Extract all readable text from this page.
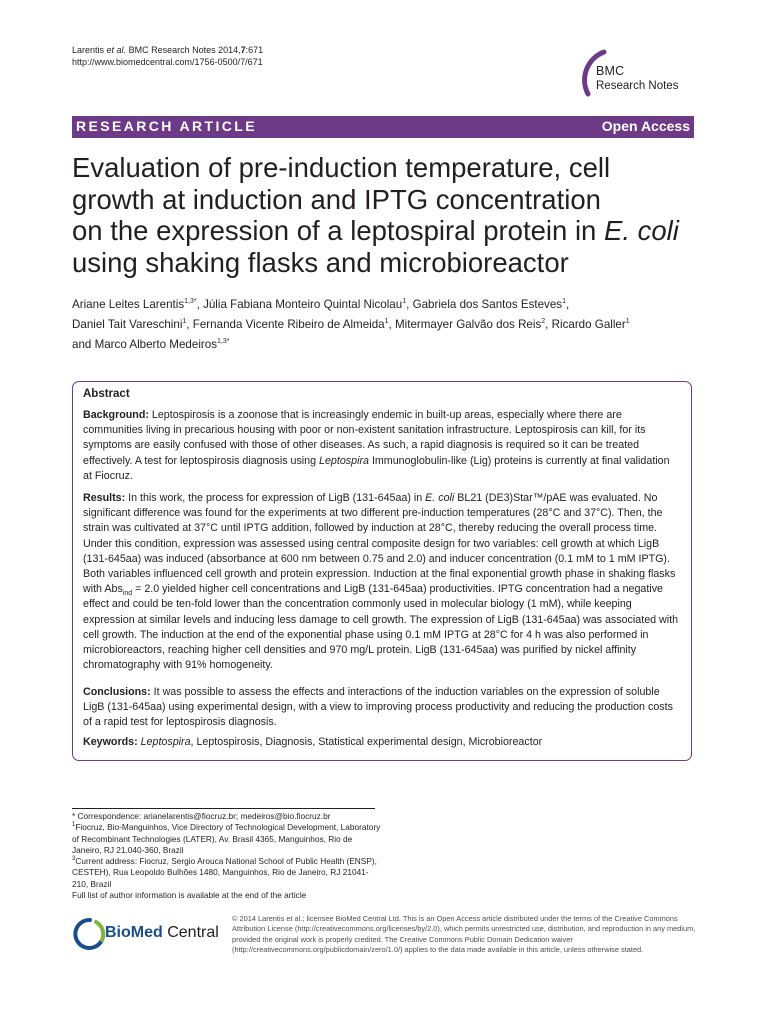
Larentis et al. BMC Research Notes 2014,7:671
http://www.biomedcentral.com/1756-0500/7/671
BMC
Research Notes
RESEARCH ARTICLE	Open Access
Evaluation of pre-induction temperature, cell
growth at induction and IPTG concentration
on the expression of a leptospiral protein in E. coli
using shaking flasks and microbioreactor
Ariane Leites Larentis$^{1,3*}$, Júlia Fabiana Monteiro Quintal Nicolau$^1$, Gabriela dos Santos Esteves$^1$,
Daniel Tait Vareschini$^1$, Fernanda Vicente Ribeiro de Almeida$^1$, Mitermayer Galvão dos Reis$^2$, Ricardo Galler$^1$
and Marco Alberto Medeiros$^{1,3*}$
Abstract
Background: Leptospirosis is a zoonose that is increasingly endemic in built-up areas, especially where there are communities living in precarious housing with poor or non-existent sanitation infrastructure. Leptospirosis can kill, for its symptoms are easily confused with those of other diseases. As such, a rapid diagnosis is required so it can be treated effectively. A test for leptospirosis diagnosis using Leptospira Immunoglobulin-like (Lig) proteins is currently at final validation at Fiocruz.
Results: In this work, the process for expression of LigB (131-645aa) in E. coli BL21 (DE3)Star™/pAE was evaluated. No significant difference was found for the experiments at two different pre-induction temperatures (28°C and 37°C). Then, the strain was cultivated at 37°C until IPTG addition, followed by induction at 28°C, thereby reducing the overall process time. Under this condition, expression was assessed using central composite design for two variables: cell growth at which LigB (131-645aa) was induced (absorbance at 600 nm between 0.75 and 2.0) and inducer concentration (0.1 mM to 1 mM IPTG). Both variables influenced cell growth and protein expression. Induction at the final exponential growth phase in shaking flasks with Abs$_{ind}$ = 2.0 yielded higher cell concentrations and LigB (131-645aa) productivities. IPTG concentration had a negative effect and could be ten-fold lower than the concentration commonly used in molecular biology (1 mM), while keeping expression at similar levels and inducing less damage to cell growth. The expression of LigB (131-645aa) was associated with cell growth. The induction at the end of the exponential phase using 0.1 mM IPTG at 28°C for 4 h was also performed in microbioreactors, reaching higher cell densities and 970 mg/L protein. LigB (131-645aa) was purified by nickel affinity chromatography with 91% homogeneity.
Conclusions: It was possible to assess the effects and interactions of the induction variables on the expression of soluble LigB (131-645aa) using experimental design, with a view to improving process productivity and reducing the production costs of a rapid test for leptospirosis diagnosis.
Keywords: Leptospira, Leptospirosis, Diagnosis, Statistical experimental design, Microbioreactor

* Correspondence: arianelarentis@fiocruz.br; medeiros@bio.fiocruz.br

$^1$Fiocruz, Bio-Manguinhos, Vice Directory of Technological Development, Laboratory of Recombinant Technologies (LATER), Av. Brasil 4365, Manguinhos, Rio de Janeiro, RJ 21.040-360, Brazil

$^3$Current address: Fiocruz, Sergio Arouca National School of Public Health (ENSP), CESTEH), Rua Leopoldo Bulhões 1480, Manguinhos, Rio de Janeiro, RJ 21041-210, Brazil

Full list of author information is available at the end of the article

BioMed Central
© 2014 Larentis et al.; licensee BioMed Central Ltd. This is an Open Access article distributed under the terms of the Creative Commons Attribution License (http://creativecommons.org/licenses/by/2.0), which permits unrestricted use, distribution, and reproduction in any medium, provided the original work is properly credited. The Creative Commons Public Domain Dedication waiver (http://creativecommons.org/publicdomain/zero/1.0/) applies to the data made available in this article, unless otherwise stated.
